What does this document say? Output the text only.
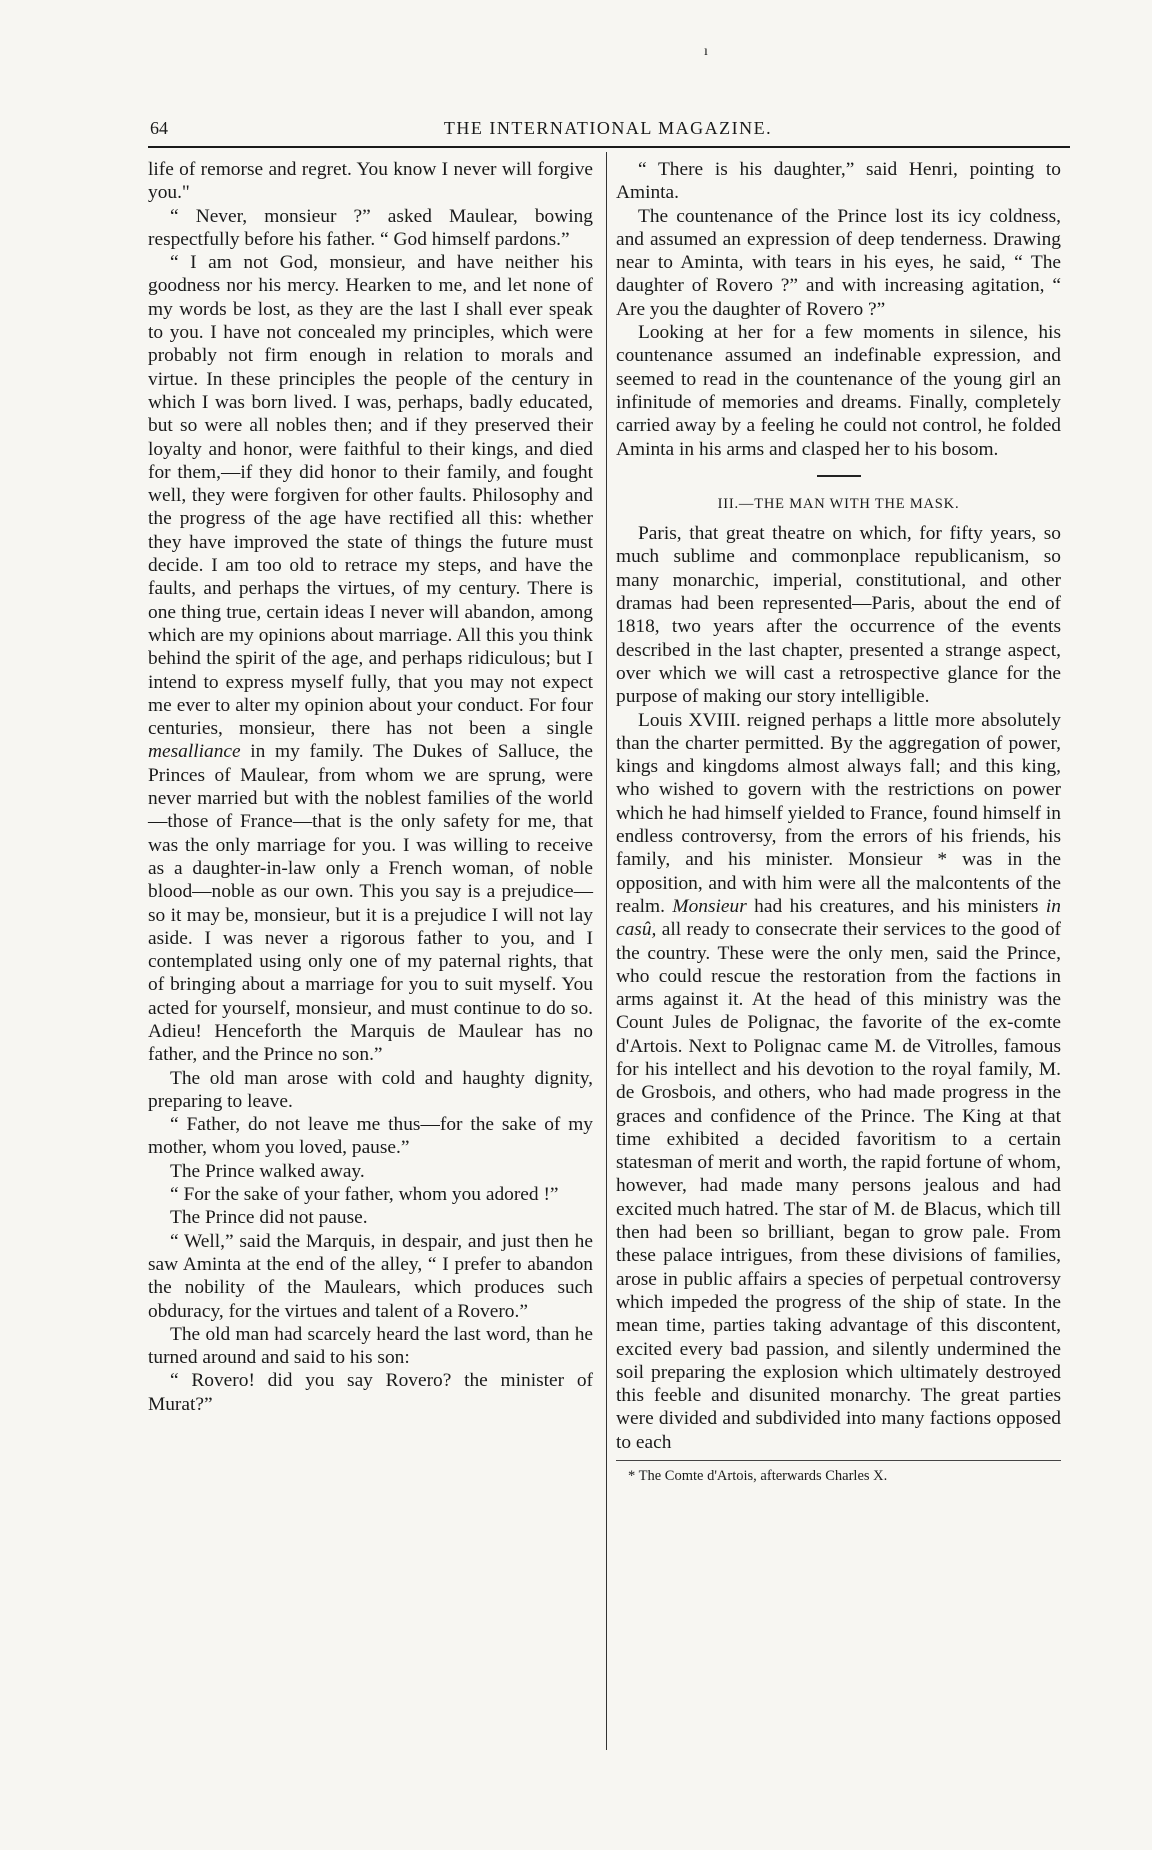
ı
64	THE INTERNATIONAL MAGAZINE.

life of remorse and regret. You know I never will forgive you."

“ Never, monsieur ?” asked Maulear, bowing respectfully before his father. “ God himself pardons.”

“ I am not God, monsieur, and have neither his goodness nor his mercy. Hearken to me, and let none of my words be lost, as they are the last I shall ever speak to you. I have not concealed my principles, which were probably not firm enough in relation to morals and virtue. In these principles the people of the century in which I was born lived. I was, perhaps, badly educated, but so were all nobles then; and if they preserved their loyalty and honor, were faithful to their kings, and died for them,—if they did honor to their family, and fought well, they were forgiven for other faults. Philosophy and the progress of the age have rectified all this: whether they have improved the state of things the future must decide. I am too old to retrace my steps, and have the faults, and perhaps the virtues, of my century. There is one thing true, certain ideas I never will abandon, among which are my opinions about marriage. All this you think behind the spirit of the age, and perhaps ridiculous; but I intend to express myself fully, that you may not expect me ever to alter my opinion about your conduct. For four centuries, monsieur, there has not been a single mesalliance in my family. The Dukes of Salluce, the Princes of Maulear, from whom we are sprung, were never married but with the noblest families of the world—those of France—that is the only safety for me, that was the only marriage for you. I was willing to receive as a daughter-in-law only a French woman, of noble blood—noble as our own. This you say is a prejudice—so it may be, monsieur, but it is a prejudice I will not lay aside. I was never a rigorous father to you, and I contemplated using only one of my paternal rights, that of bringing about a marriage for you to suit myself. You acted for yourself, monsieur, and must continue to do so. Adieu! Henceforth the Marquis de Maulear has no father, and the Prince no son.”

The old man arose with cold and haughty dignity, preparing to leave.

“ Father, do not leave me thus—for the sake of my mother, whom you loved, pause.”

The Prince walked away.

“ For the sake of your father, whom you adored !”

The Prince did not pause.

“ Well,” said the Marquis, in despair, and just then he saw Aminta at the end of the alley, “ I prefer to abandon the nobility of the Maulears, which produces such obduracy, for the virtues and talent of a Rovero.”

The old man had scarcely heard the last word, than he turned around and said to his son:

“ Rovero! did you say Rovero? the minister of Murat?”

“ There is his daughter,” said Henri, pointing to Aminta.

The countenance of the Prince lost its icy coldness, and assumed an expression of deep tenderness. Drawing near to Aminta, with tears in his eyes, he said, “ The daughter of Rovero ?” and with increasing agitation, “ Are you the daughter of Rovero ?”

Looking at her for a few moments in silence, his countenance assumed an indefinable expression, and seemed to read in the countenance of the young girl an infinitude of memories and dreams. Finally, completely carried away by a feeling he could not control, he folded Aminta in his arms and clasped her to his bosom.

III.—THE MAN WITH THE MASK.

Paris, that great theatre on which, for fifty years, so much sublime and commonplace republicanism, so many monarchic, imperial, constitutional, and other dramas had been represented—Paris, about the end of 1818, two years after the occurrence of the events described in the last chapter, presented a strange aspect, over which we will cast a retrospective glance for the purpose of making our story intelligible.

Louis XVIII. reigned perhaps a little more absolutely than the charter permitted. By the aggregation of power, kings and kingdoms almost always fall; and this king, who wished to govern with the restrictions on power which he had himself yielded to France, found himself in endless controversy, from the errors of his friends, his family, and his minister. Monsieur * was in the opposition, and with him were all the malcontents of the realm. Monsieur had his creatures, and his ministers in casû, all ready to consecrate their services to the good of the country. These were the only men, said the Prince, who could rescue the restoration from the factions in arms against it. At the head of this ministry was the Count Jules de Polignac, the favorite of the ex-comte d'Artois. Next to Polignac came M. de Vitrolles, famous for his intellect and his devotion to the royal family, M. de Grosbois, and others, who had made progress in the graces and confidence of the Prince. The King at that time exhibited a decided favoritism to a certain statesman of merit and worth, the rapid fortune of whom, however, had made many persons jealous and had excited much hatred. The star of M. de Blacus, which till then had been so brilliant, began to grow pale. From these palace intrigues, from these divisions of families, arose in public affairs a species of perpetual controversy which impeded the progress of the ship of state. In the mean time, parties taking advantage of this discontent, excited every bad passion, and silently undermined the soil preparing the explosion which ultimately destroyed this feeble and disunited monarchy. The great parties were divided and subdivided into many factions opposed to each

* The Comte d'Artois, afterwards Charles X.
